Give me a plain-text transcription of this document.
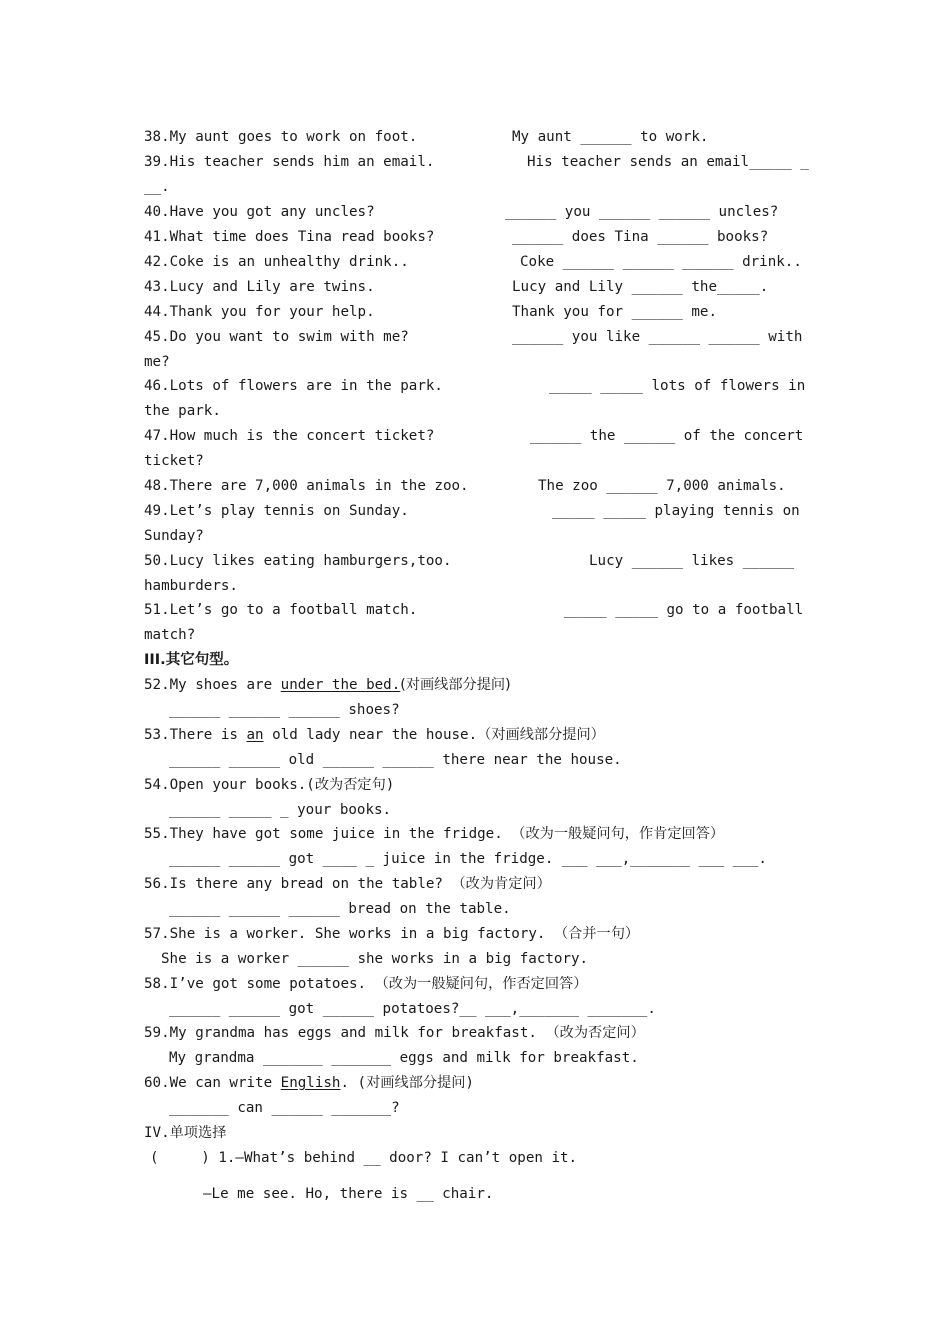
38.My aunt goes to work on foot.	My aunt ______ to work.
39.His teacher sends him an email.	His teacher sends an email_____ _
__.
40.Have you got any uncles?	______ you ______ ______ uncles?
41.What time does Tina read books?	______ does Tina ______ books?
42.Coke is an unhealthy drink..	Coke ______ ______ ______ drink..
43.Lucy and Lily are twins.	Lucy and Lily ______ the_____.
44.Thank you for your help.	Thank you for ______ me.
45.Do you want to swim with me?	______ you like ______ ______ with
me?
46.Lots of flowers are in the park.	_____ _____ lots of flowers in
the park.
47.How much is the concert ticket?	______ the ______ of the concert
ticket?
48.There are 7,000 animals in the zoo.	The zoo ______ 7,000 animals.
49.Let’s play tennis on Sunday.	_____ _____ playing tennis on
Sunday?
50.Lucy likes eating hamburgers,too.	Lucy ______ likes ______
hamburders.
51.Let’s go to a football match.	_____ _____ go to a football
match?
III.其它句型。
52.My shoes are under the bed.(对画线部分提问)
______ ______ ______ shoes?
53.There is an old lady near the house.（对画线部分提问）
______ ______ old ______ ______ there near the house.
54.Open your books.(改为否定句)
______ _____ _ your books.
55.They have got some juice in the fridge. （改为一般疑问句，作肯定回答）
______ ______ got ____ _ juice in the fridge. ___ ___,_______ ___ ___.
56.Is there any bread on the table? （改为肯定问）
______ ______ ______ bread on the table.
57.She is a worker. She works in a big factory. （合并一句）
She is a worker ______ she works in a big factory.
58.I’ve got some potatoes. （改为一般疑问句，作否定回答）
______ ______ got ______ potatoes?__ ___,_______ _______.
59.My grandma has eggs and milk for breakfast. （改为否定问）
My grandma _______ _______ eggs and milk for breakfast.
60.We can write English. (对画线部分提问)
_______ can ______ _______?
IV.单项选择
(     ) 1.—What’s behind __ door? I can’t open it.
—Le me see. Ho, there is __ chair.
